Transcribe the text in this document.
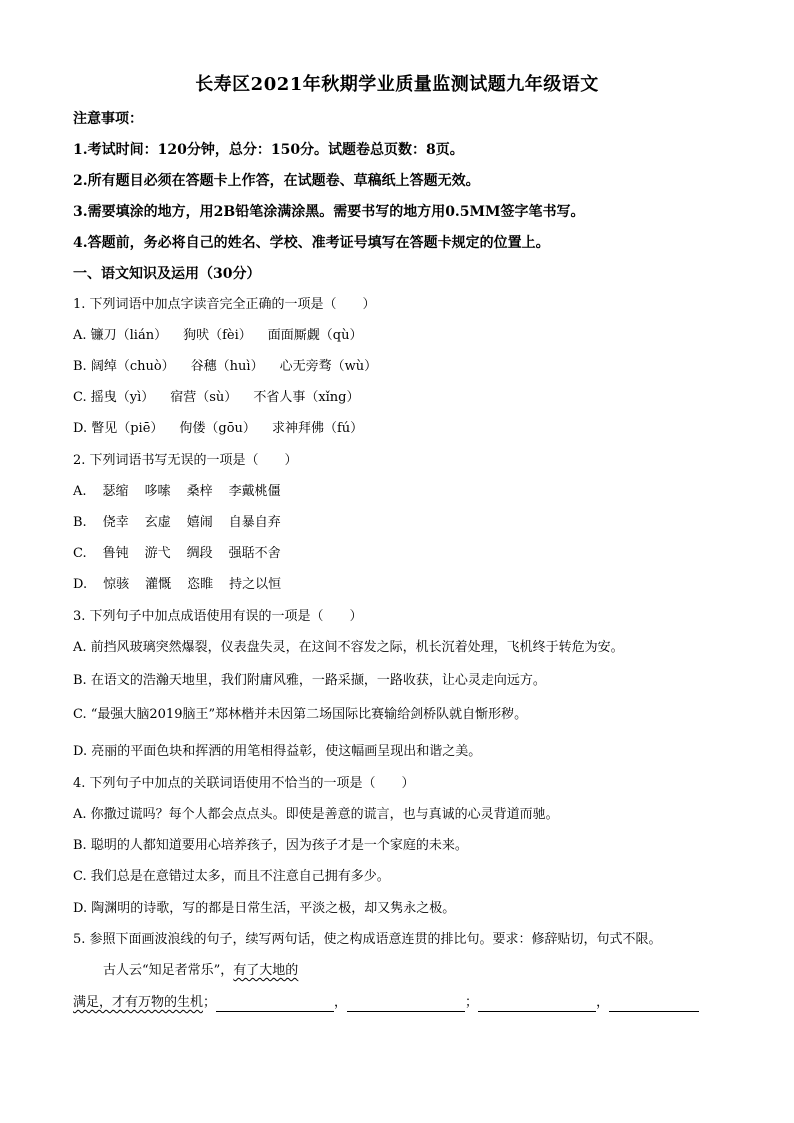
长寿区2021年秋期学业质量监测试题九年级语文
注意事项：
1.考试时间：120分钟，总分：150分。试题卷总页数：8页。
2.所有题目必须在答题卡上作答，在试题卷、草稿纸上答题无效。
3.需要填涂的地方，用2B铅笔涂满涂黑。需要书写的地方用0.5MM签字笔书写。
4.答题前，务必将自己的姓名、学校、准考证号填写在答题卡规定的位置上。
一、语文知识及运用（30分）
1. 下列词语中加点字读音完全正确的一项是（　　）
A. 镰刀（lián） 狗吠（fèi） 面面厮觑（qù）
B. 阔绰（chuò） 谷穗（huì） 心无旁骛（wù）
C. 摇曳（yì） 宿营（sù） 不省人事（xǐng）
D. 瞥见（piē） 佝偻（gōu） 求神拜佛（fú）
2. 下列词语书写无误的一项是（　　）
A. 瑟缩 哆嗦 桑梓 李戴桃僵
B. 侥幸 玄虚 嬉闹 自暴自弃
C. 鲁钝 游弋 绸段 强聒不舍
D. 惊骇 灌慨 恣睢 持之以恒
3. 下列句子中加点成语使用有误的一项是（　　）
A. 前挡风玻璃突然爆裂，仪表盘失灵，在这间不容发之际，机长沉着处理，飞机终于转危为安。
B. 在语文的浩瀚天地里，我们附庸风雅，一路采撷，一路收获，让心灵走向远方。
C. “最强大脑2019脑王”郑林楷并未因第二场国际比赛输给剑桥队就自惭形秽。
D. 亮丽的平面色块和挥洒的用笔相得益彰，使这幅画呈现出和谐之美。
4. 下列句子中加点的关联词语使用不恰当的一项是（　　）
A. 你撒过谎吗？每个人都会点点头。即使是善意的谎言，也与真诚的心灵背道而驰。
B. 聪明的人都知道要用心培养孩子，因为孩子才是一个家庭的未来。
C. 我们总是在意错过太多，而且不注意自己拥有多少。
D. 陶渊明的诗歌，写的都是日常生活，平淡之极，却又隽永之极。
5. 参照下面画波浪线的句子，续写两句话，使之构成语意连贯的排比句。要求：修辞贴切，句式不限。
古人云“知足者常乐”，有了大地的
满足，才有万物的生机；	，	；	，
